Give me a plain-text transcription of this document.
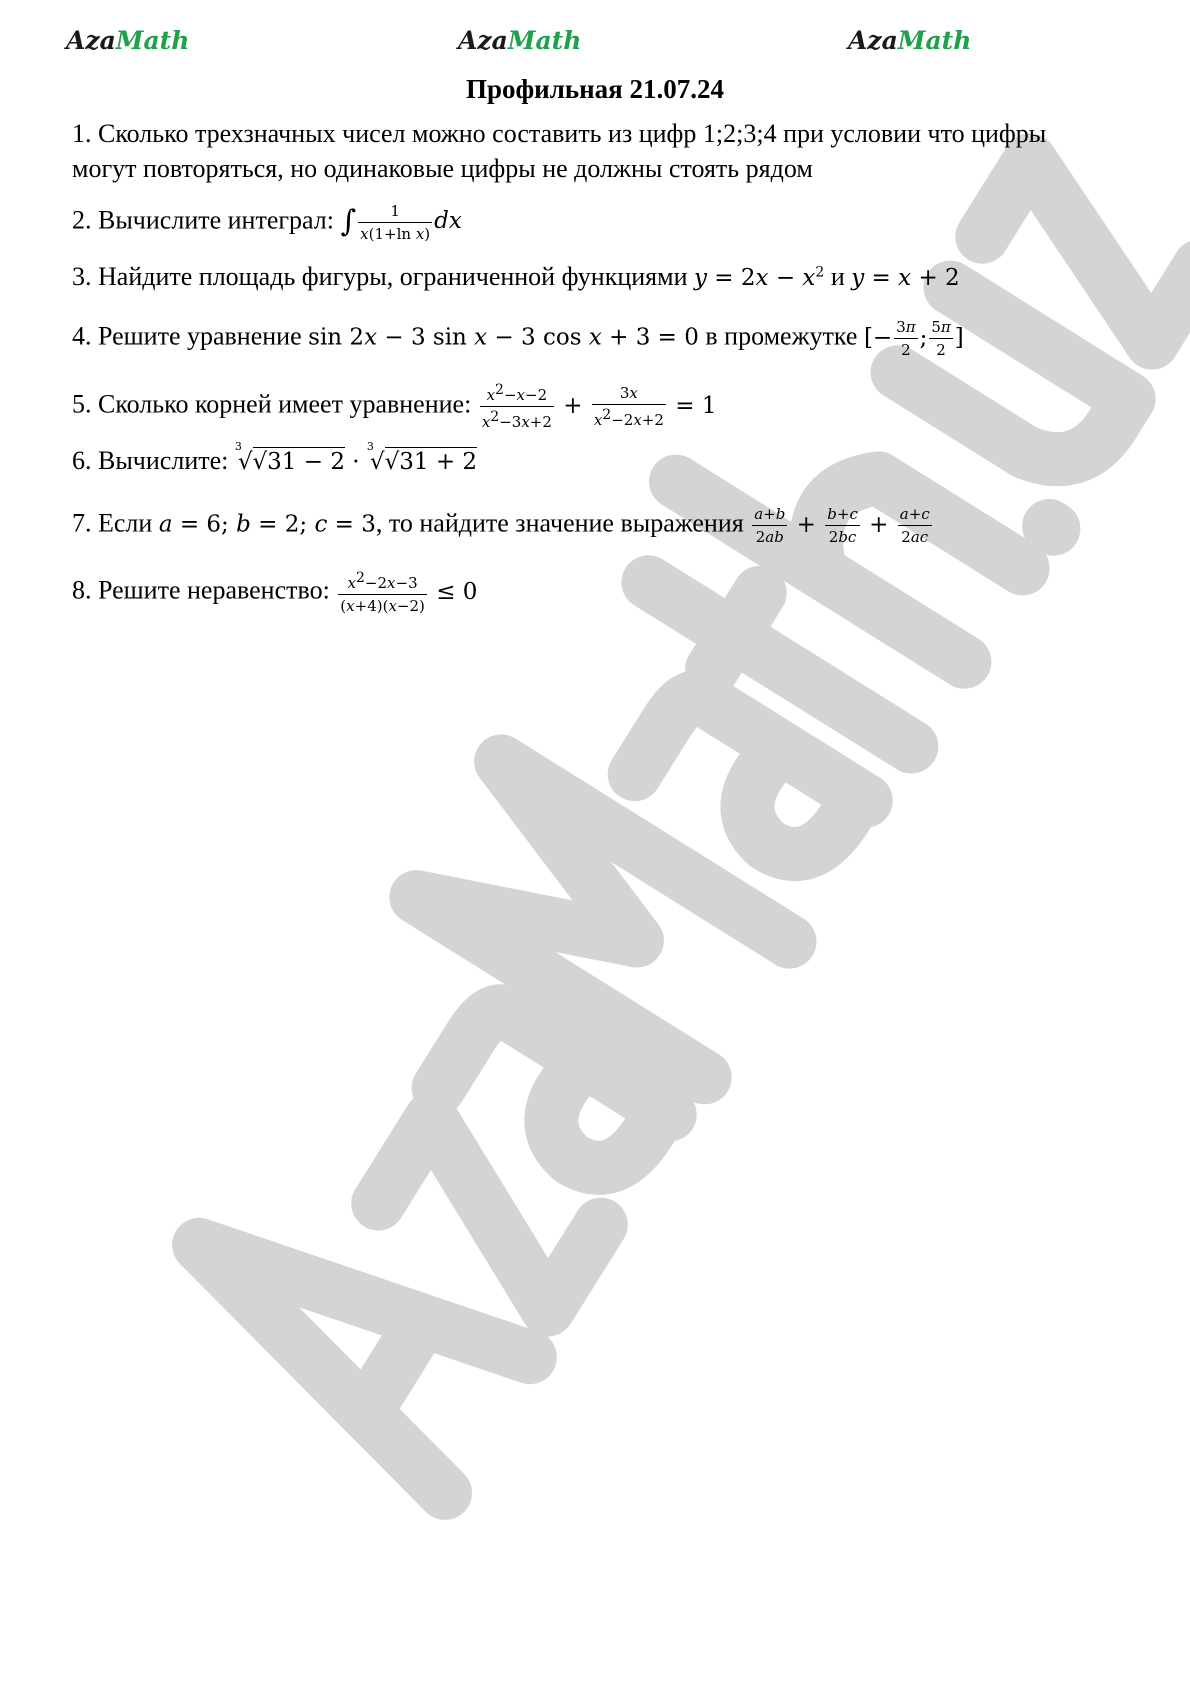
AzaMath	AzaMath	AzaMath
Профильная 21.07.24
1. Сколько трехзначных чисел можно составить из цифр 1;2;3;4 при условии что цифры могут повторяться, но одинаковые цифры не должны стоять рядом
2. Вычислите интеграл: ∫ $\frac{1}{\text{x(1+ln x)}}$ dx
3. Найдите площадь фигуры, ограниченной функциями $y = 2x - x^2$ и y = x + 2
4. Решите уравнение sin 2x − 3 sin x − 3 cos x + 3 = 0 в промежутке [− $\frac{3\pi}{2}$ ; $\frac{5\pi}{2}$ ]
5. Сколько корней имеет уравнение: $\frac{x^2-x-2}{x^2-3x+2} + \frac{3x}{x^2-2x+2} = 1$
6. Вычислите: 3
√√31 − 2 ·
3
√√31 + 2
7. Если a = 6; b = 2; c = 3, то найдите значение выражения $\frac{a+b}{2ab} + \frac{b+c}{2bc} + \frac{a+c}{2ac}$
8. Решите неравенство: $\frac{x^2-2x-3}{(x+4)(x-2)} \le 0$
